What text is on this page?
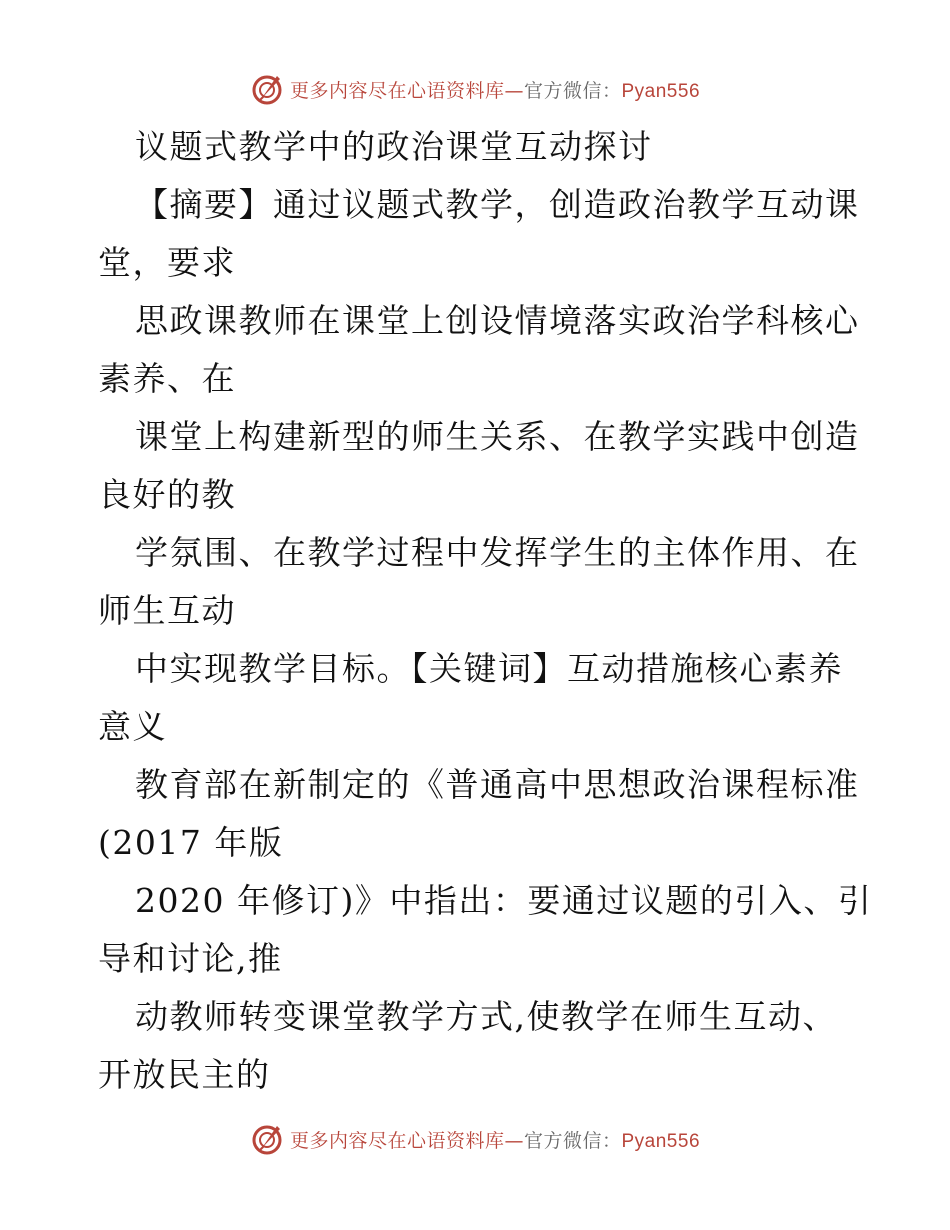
更多内容尽在心语资料库—官方微信：Pyan556
议题式教学中的政治课堂互动探讨
【摘要】通过议题式教学，创造政治教学互动课
堂，要求
思政课教师在课堂上创设情境落实政治学科核心
素养、在
课堂上构建新型的师生关系、在教学实践中创造
良好的教
学氛围、在教学过程中发挥学生的主体作用、在
师生互动
中实现教学目标。【关键词】互动措施核心素养
意义
教育部在新制定的《普通高中思想政治课程标准
(2017 年版
2020 年修订)》中指出：要通过议题的引入、引
导和讨论,推
动教师转变课堂教学方式,使教学在师生互动、
开放民主的
更多内容尽在心语资料库—官方微信：Pyan556
